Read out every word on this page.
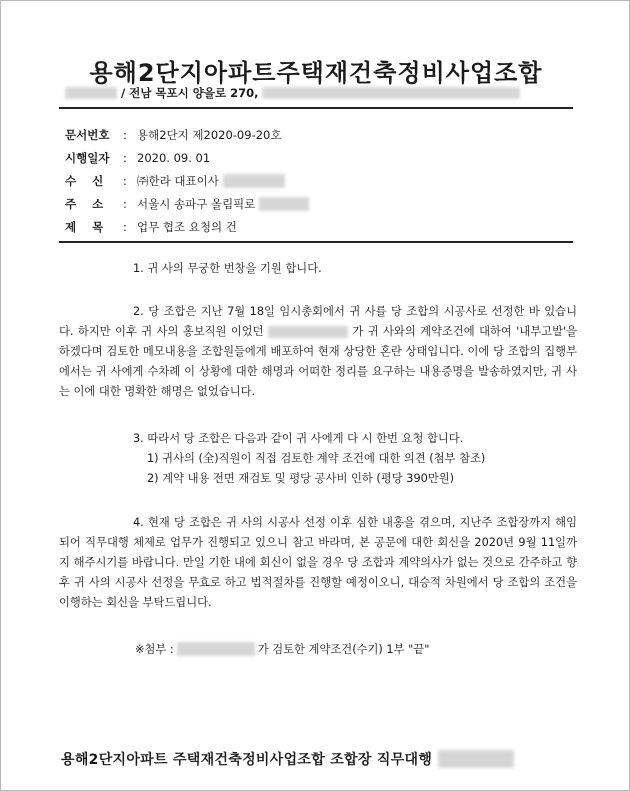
용해2단지아파트주택재건축정비사업조합
/ 전남 목포시 양을로 270,
문서번호	: 용해2단지 제2020-09-20호
시행일자	: 2020. 09. 01
수    신	: ㈜한라 대표이사
주    소	: 서울시 송파구 올림픽로
제    목	: 업무 협조 요청의 건

1. 귀 사의 무궁한 번창을 기원 합니다.

2. 당 조합은 지난 7월 18일 임시총회에서 귀 사를 당 조합의 시공사로 선정한 바 있습니다. 하지만 이후 귀 사의 홍보직원 이었던	가 귀 사와의 계약조건에 대하여 '내부고발'을 하겠다며 검토한 메모내용을 조합원들에게 배포하여 현재 상당한 혼란 상태입니다. 이에 당 조합의 집행부에서는 귀 사에게 수차례 이 상황에 대한 해명과 어떠한 정리를 요구하는 내용증명을 발송하였지만, 귀 사는 이에 대한 명확한 해명은 없었습니다.

3. 따라서 당 조합은 다음과 같이 귀 사에게 다 시 한번 요청 합니다.

1) 귀사의 (全)직원이 직접 검토한 계약 조건에 대한 의견 (첨부 참조)

2) 계약 내용 전면 재검토 및 평당 공사비 인하 (평당 390만원)

4. 현재 당 조합은 귀 사의 시공사 선정 이후 심한 내홍을 겪으며, 지난주 조합장까지 해임 되어 직무대행 체제로 업무가 진행되고 있으니 참고 바라며, 본 공문에 대한 회신을 2020년 9월 11일까지 해주시기를 바랍니다. 만일 기한 내에 회신이 없을 경우 당 조합과 계약의사가 없는 것으로 간주하고 향후 귀 사의 시공사 선정을 무효로 하고 법적절차를 진행할 예정이오니, 대승적 차원에서 당 조합의 조건을 이행하는 회신을 부탁드립니다.

※첨부 :	가 검토한 계약조건(수기) 1부 "끝"
용해2단지아파트 주택재건축정비사업조합 조합장 직무대행
